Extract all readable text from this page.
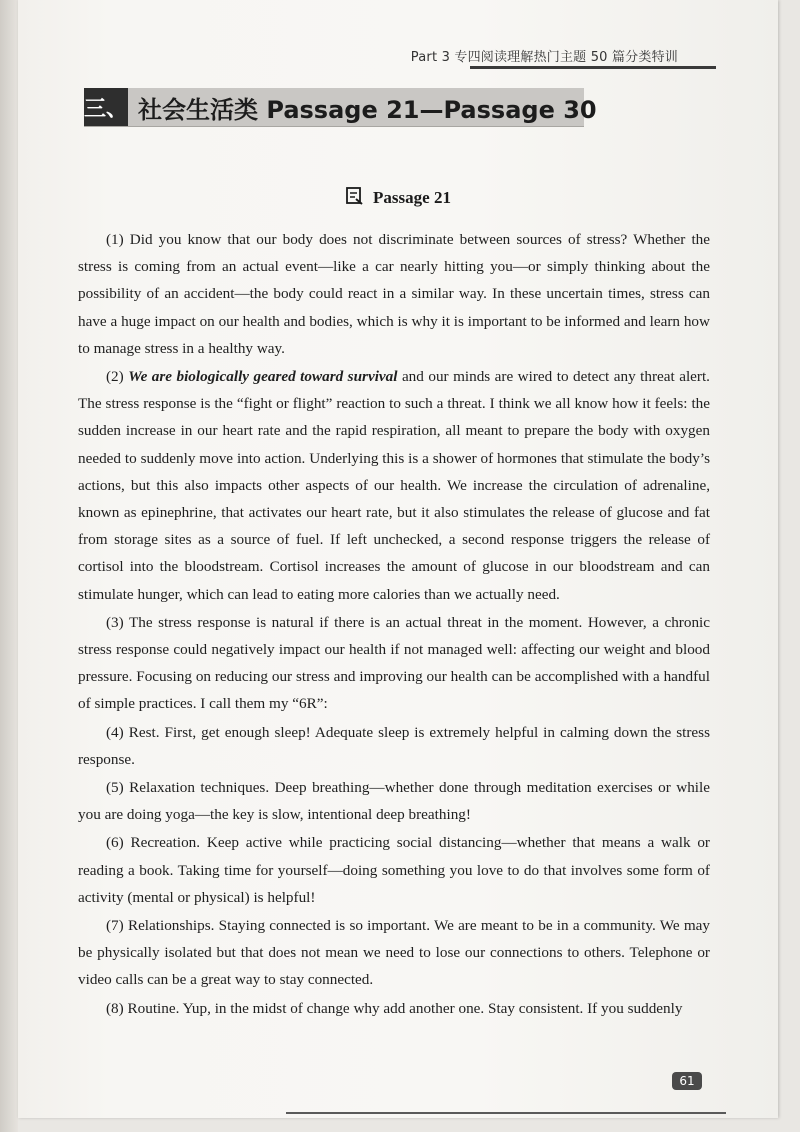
Part 3 专四阅读理解热门主题 50 篇分类特训
三、 社会生活类 Passage 21—Passage 30
Passage 21

(1) Did you know that our body does not discriminate between sources of stress? Whether the stress is coming from an actual event—like a car nearly hitting you—or simply thinking about the possibility of an accident—the body could react in a similar way. In these uncertain times, stress can have a huge impact on our health and bodies, which is why it is important to be informed and learn how to manage stress in a healthy way.

(2) We are biologically geared toward survival and our minds are wired to detect any threat alert. The stress response is the “fight or flight” reaction to such a threat. I think we all know how it feels: the sudden increase in our heart rate and the rapid respiration, all meant to prepare the body with oxygen needed to suddenly move into action. Underlying this is a shower of hormones that stimulate the body’s actions, but this also impacts other aspects of our health. We increase the circulation of adrenaline, known as epinephrine, that activates our heart rate, but it also stimulates the release of glucose and fat from storage sites as a source of fuel. If left unchecked, a second response triggers the release of cortisol into the bloodstream. Cortisol increases the amount of glucose in our bloodstream and can stimulate hunger, which can lead to eating more calories than we actually need.

(3) The stress response is natural if there is an actual threat in the moment. However, a chronic stress response could negatively impact our health if not managed well: affecting our weight and blood pressure. Focusing on reducing our stress and improving our health can be accomplished with a handful of simple practices. I call them my “6R”:

(4) Rest. First, get enough sleep! Adequate sleep is extremely helpful in calming down the stress response.

(5) Relaxation techniques. Deep breathing—whether done through meditation exercises or while you are doing yoga—the key is slow, intentional deep breathing!

(6) Recreation. Keep active while practicing social distancing—whether that means a walk or reading a book. Taking time for yourself—doing something you love to do that involves some form of activity (mental or physical) is helpful!

(7) Relationships. Staying connected is so important. We are meant to be in a community. We may be physically isolated but that does not mean we need to lose our connections to others. Telephone or video calls can be a great way to stay connected.

(8) Routine. Yup, in the midst of change why add another one. Stay consistent. If you suddenly

61
